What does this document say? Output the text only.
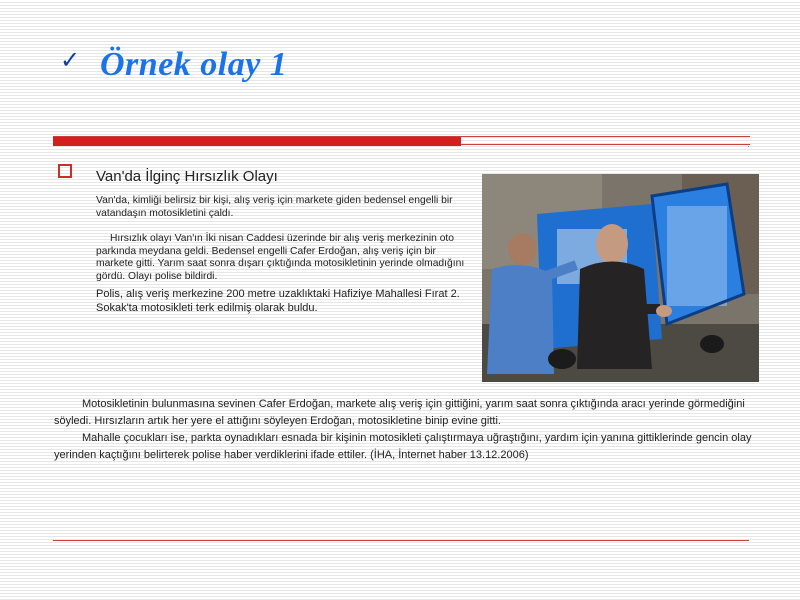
✓ Örnek olay 1
Van'da İlginç Hırsızlık Olayı
Van'da, kimliği belirsiz bir kişi, alış veriş için markete giden bedensel engelli bir vatandaşın motosikletini çaldı.
Hırsızlık olayı Van'ın İki nisan Caddesi üzerinde bir alış veriş merkezinin oto parkında meydana geldi. Bedensel engelli Cafer Erdoğan, alış veriş için bir markete gitti. Yarım saat sonra dışarı çıktığında motosikletinin yerinde olmadığını gördü. Olayı polise bildirdi.
Polis, alış veriş merkezine 200 metre uzaklıktaki Hafiziye Mahallesi Fırat 2. Sokak'ta motosikleti terk edilmiş olarak buldu.

Motosikletinin bulunmasına sevinen Cafer Erdoğan, markete alış veriş için gittiğini, yarım saat sonra çıktığında aracı yerinde görmediğini söyledi. Hırsızların artık her yere el attığını söyleyen Erdoğan, motosikletine binip evine gitti.

Mahalle çocukları ise, parkta oynadıkları esnada bir kişinin motosikleti çalıştırmaya uğraştığını, yardım için yanına gittiklerinde gencin olay yerinden kaçtığını belirterek polise haber verdiklerini ifade ettiler. (İHA, İnternet haber 13.12.2006)
